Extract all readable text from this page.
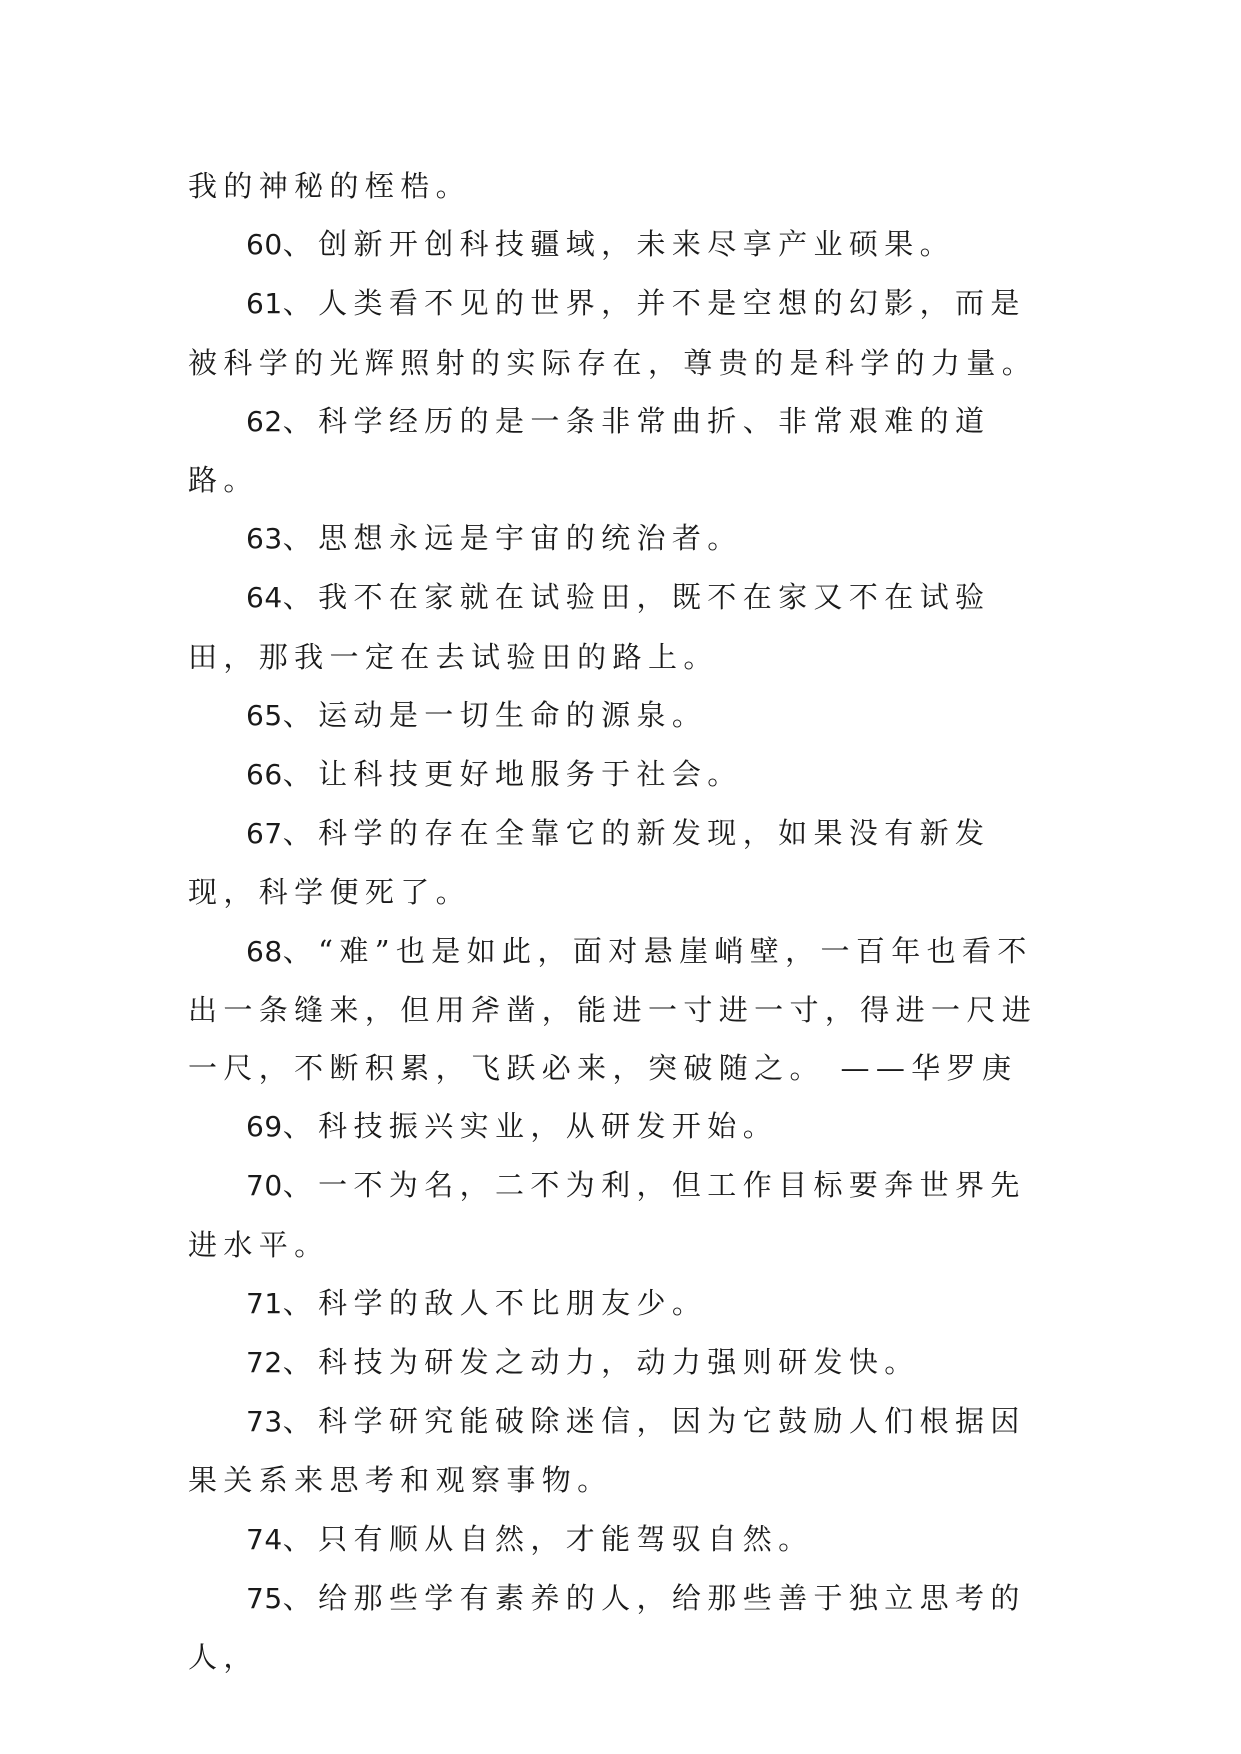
我的神秘的桎梏。

60、创新开创科技疆域，未来尽享产业硕果。

61、人类看不见的世界，并不是空想的幻影，而是被科学的光辉照射的实际存在，尊贵的是科学的力量。

62、科学经历的是一条非常曲折、非常艰难的道路。

63、思想永远是宇宙的统治者。

64、我不在家就在试验田，既不在家又不在试验田，那我一定在去试验田的路上。

65、运动是一切生命的源泉。

66、让科技更好地服务于社会。

67、科学的存在全靠它的新发现，如果没有新发现，科学便死了。

68、“难”也是如此，面对悬崖峭壁，一百年也看不出一条缝来，但用斧凿，能进一寸进一寸，得进一尺进一尺，不断积累，飞跃必来，突破随之。 ——华罗庚

69、科技振兴实业，从研发开始。

70、一不为名，二不为利，但工作目标要奔世界先进水平。

71、科学的敌人不比朋友少。

72、科技为研发之动力，动力强则研发快。

73、科学研究能破除迷信，因为它鼓励人们根据因果关系来思考和观察事物。

74、只有顺从自然，才能驾驭自然。

75、给那些学有素养的人，给那些善于独立思考的人，
